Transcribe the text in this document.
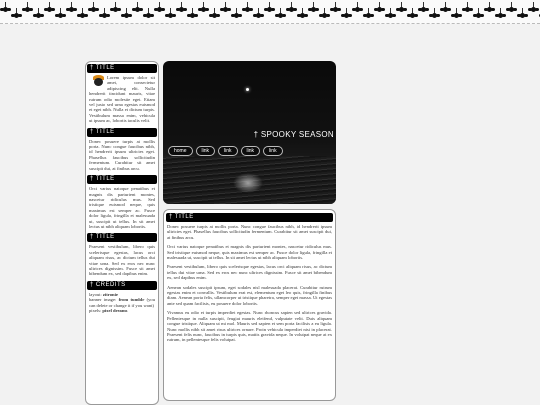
† TITLE
Lorem ipsum dolor sit amet, consectetur adipiscing elit. Nulla hendrerit tincidunt mauris, vitae rutrum odio molestie eget. Etiam vel justo sed urna egestas euismod et eget nibh. Nulla et dictum turpis. Vestibulum massa enim, vehicula ut ipsum ac, lobortis iaculis velit.
† TITLE
Donec posuere turpis at mollis porta. Nunc congue faucibus nibh, id hendrerit ipsum ultricies eget. Phasellus faucibus sollicitudin fermentum. Curabitur sit amet suscipit dui, at finibus arcu.
† TITLE
Orci varius natoque penatibus et magnis dis parturient montes, nascetur ridiculus mus. Sed tristique euismod neque, quis maximus est semper ac. Fusce dolor ligula, fringilla et malesuada ut, suscipit ut tellus. In sit amet lectus ut nibh aliquam lobortis.
† TITLE
Praesent vestibulum, libero quis scelerisque egestas, lacus orci aliquam risus, ac dictum tellus dui vitae urna. Sed ex eros nec nunc ultrices dignissim. Fusce sit amet bibendum ex, sed dapibus enim.
† CREDITS
layout: zitronie
banner image: from tumblr (you can delete or change it if you want)
pixels: pixel dreams
† SPOOKY SEASON
home	link	link	link	link
† TITLE

Donec posuere turpis at mollis porta. Nunc congue faucibus nibh, id hendrerit ipsum ultricies eget. Phasellus faucibus sollicitudin fermentum. Curabitur sit amet suscipit dui, at finibus arcu.

Orci varius natoque penatibus et magnis dis parturient montes, nascetur ridiculus mus. Sed tristique euismod neque, quis maximus est semper ac. Fusce dolor ligula, fringilla et malesuada ut, suscipit ut tellus. In sit amet lectus ut nibh aliquam lobortis.

Praesent vestibulum, libero quis scelerisque egestas, lacus orci aliquam risus, ac dictum tellus dui vitae urna. Sed ex eros nec nunc ultrices dignissim. Fusce sit amet bibendum ex, sed dapibus enim.

Aenean sodales suscipit ipsum, eget sodales nisl malesuada placerat. Curabitur rutrum egestas enim et convallis. Vestibulum erat est, elementum eget leo quis, fringilla finibus diam. Aenean porta felis, ullamcorper ut tristique pharetra, semper eget massa. Ut egestas ante sed quam facilisis, eu posuere dolor lobortis.

Vivamus eu odio et turpis imperdiet egestas. Nunc rhoncus sapien sed ultrices gravida. Pellentesque in nulla suscipit, feugiat mauris eleifend, vulputate velit. Duis aliquam congue tristique. Aliquam ut mi mol. Mauris sed sapien et sem porta facilisis a eu ligula. Nunc mollis nibh sit amet risus ultrices ornare. Proin vehicula imperdiet nisi in placerat. Praesent felis nunc, faucibus in turpis quis, mattis gravida neque. In volutpat neque at ex rutrum, in pellentesque felis volutpat.
